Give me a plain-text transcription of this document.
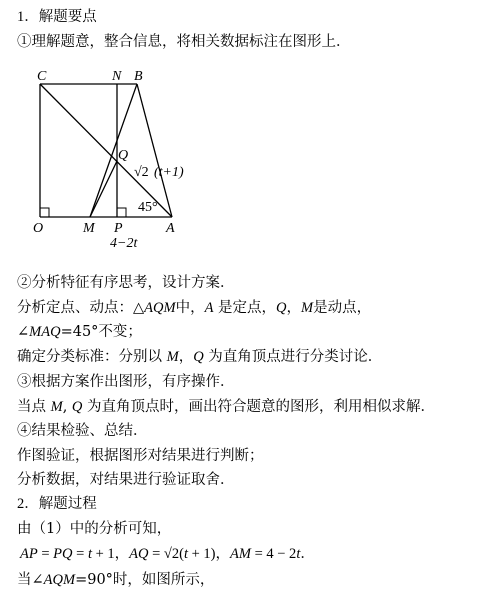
1．解题要点
①理解题意，整合信息，将相关数据标注在图形上．
C	N B
Q
O	M P	A
45°
√2 (t+1)
4−2t
②分析特征有序思考，设计方案．
分析定点、动点：△AQM中，A 是定点，Q，M是动点，
∠MAQ=45°不变；
确定分类标准：分别以 M，Q 为直角顶点进行分类讨论．
③根据方案作出图形，有序操作．
当点 M, Q 为直角顶点时，画出符合题意的图形，利用相似求解．
④结果检验、总结．
作图验证，根据图形对结果进行判断；
分析数据，对结果进行验证取舍．
2．解题过程
由（1）中的分析可知，
AP = PQ = t + 1，AQ = √2(t + 1)，AM = 4 − 2t．
当∠AQM=90°时，如图所示，
